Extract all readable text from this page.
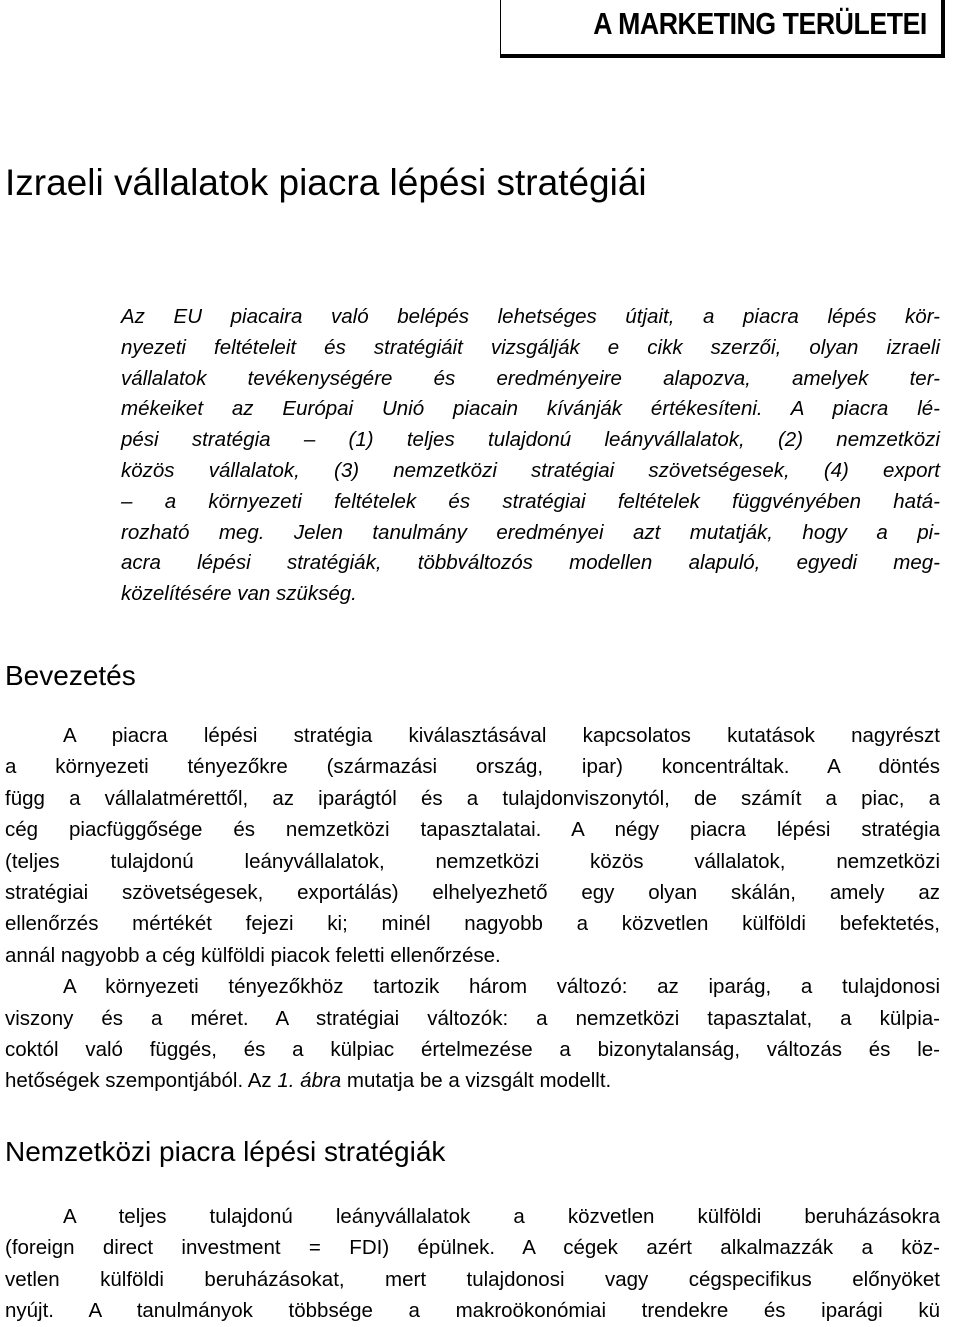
A MARKETING TERÜLETEI
Izraeli vállalatok piacra lépési stratégiái
Az EU piacaira való belépés lehetséges útjait, a piacra lépés kör-
nyezeti feltételeit és stratégiáit vizsgálják e cikk szerzői, olyan izraeli
vállalatok tevékenységére és eredményeire alapozva, amelyek ter-
mékeiket az Európai Unió piacain kívánják értékesíteni. A piacra lé-
pési stratégia – (1) teljes tulajdonú leányvállalatok, (2) nemzetközi
közös vállalatok, (3) nemzetközi stratégiai szövetségesek, (4) export
– a környezeti feltételek és stratégiai feltételek függvényében hatá-
rozható meg. Jelen tanulmány eredményei azt mutatják, hogy a pi-
acra lépési stratégiák, többváltozós modellen alapuló, egyedi meg-
közelítésére van szükség.
Bevezetés
A piacra lépési stratégia kiválasztásával kapcsolatos kutatások nagyrészt
a környezeti tényezőkre (származási ország, ipar) koncentráltak. A döntés
függ a vállalatmérettől, az iparágtól és a tulajdonviszonytól, de számít a piac, a
cég piacfüggősége és nemzetközi tapasztalatai. A négy piacra lépési stratégia
(teljes tulajdonú leányvállalatok, nemzetközi közös vállalatok, nemzetközi
stratégiai szövetségesek, exportálás) elhelyezhető egy olyan skálán, amely az
ellenőrzés mértékét fejezi ki; minél nagyobb a közvetlen külföldi befektetés,
annál nagyobb a cég külföldi piacok feletti ellenőrzése.
A környezeti tényezőkhöz tartozik három változó: az iparág, a tulajdonosi
viszony és a méret. A stratégiai változók: a nemzetközi tapasztalat, a külpia-
coktól való függés, és a külpiac értelmezése a bizonytalanság, változás és le-
hetőségek szempontjából. Az 1. ábra mutatja be a vizsgált modellt.
Nemzetközi piacra lépési stratégiák
A teljes tulajdonú leányvállalatok a közvetlen külföldi beruházásokra
(foreign direct investment = FDI) épülnek. A cégek azért alkalmazzák a köz-
vetlen külföldi beruházásokat, mert tulajdonosi vagy cégspecifikus előnyöket
nyújt. A tanulmányok többsége a makroökonómiai trendekre és iparági kü
